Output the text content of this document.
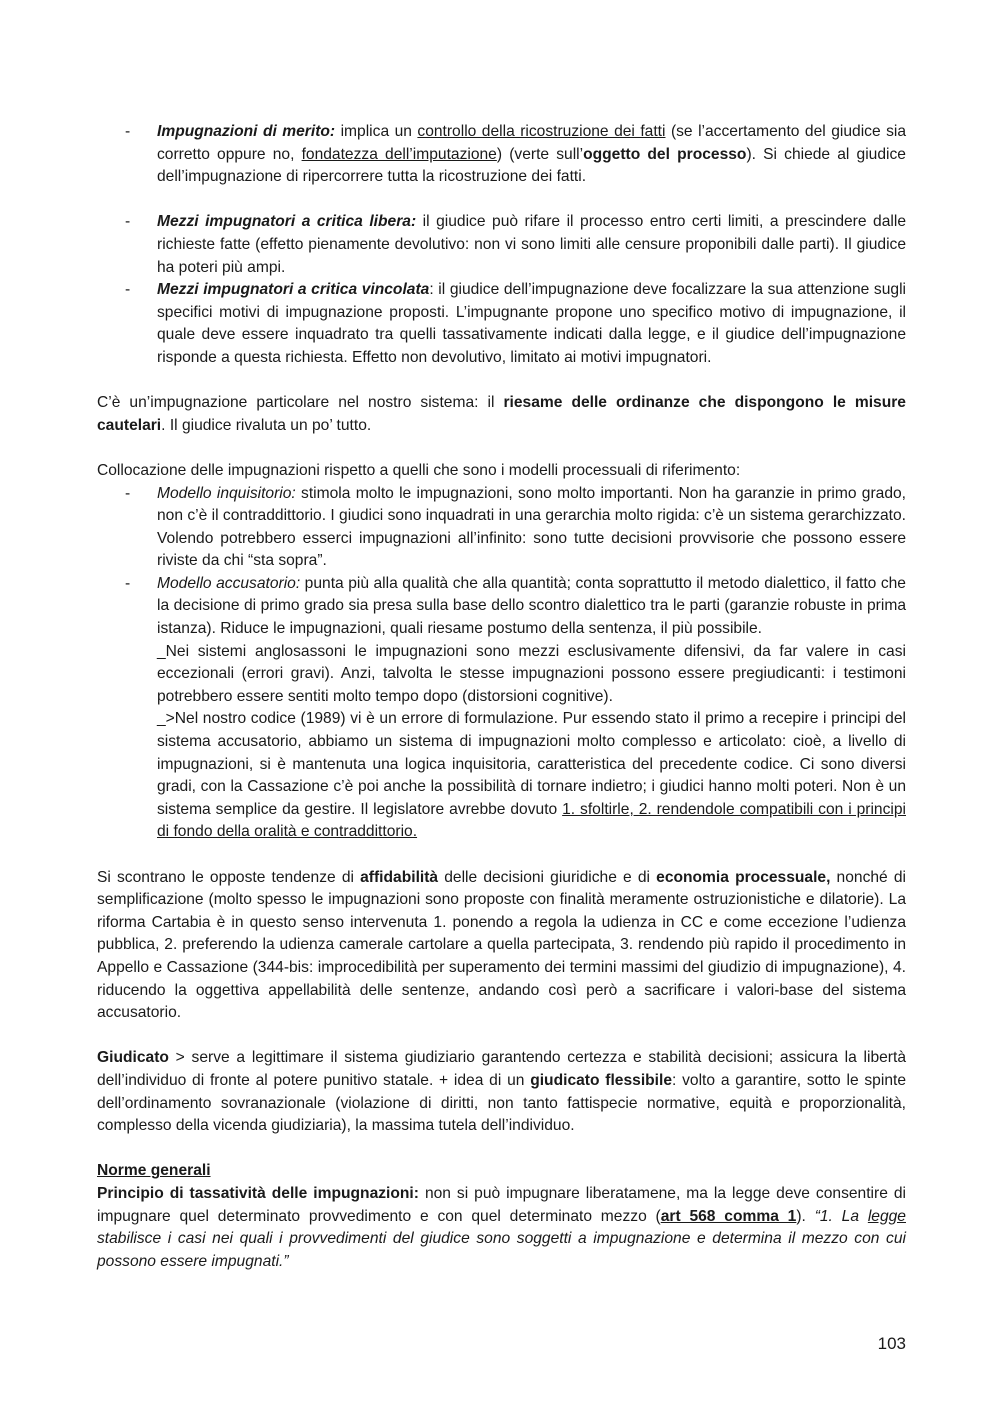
- Impugnazioni di merito: implica un controllo della ricostruzione dei fatti (se l’accertamento del giudice sia corretto oppure no, fondatezza dell’imputazione) (verte sull’oggetto del processo). Si chiede al giudice dell’impugnazione di ripercorrere tutta la ricostruzione dei fatti.
- Mezzi impugnatori a critica libera: il giudice può rifare il processo entro certi limiti, a prescindere dalle richieste fatte (effetto pienamente devolutivo: non vi sono limiti alle censure proponibili dalle parti). Il giudice ha poteri più ampi.
- Mezzi impugnatori a critica vincolata: il giudice dell’impugnazione deve focalizzare la sua attenzione sugli specifici motivi di impugnazione proposti. L’impugnante propone uno specifico motivo di impugnazione, il quale deve essere inquadrato tra quelli tassativamente indicati dalla legge, e il giudice dell’impugnazione risponde a questa richiesta. Effetto non devolutivo, limitato ai motivi impugnatori.

C’è un’impugnazione particolare nel nostro sistema: il riesame delle ordinanze che dispongono le misure cautelari. Il giudice rivaluta un po’ tutto.

Collocazione delle impugnazioni rispetto a quelli che sono i modelli processuali di riferimento:

- Modello inquisitorio: stimola molto le impugnazioni, sono molto importanti. Non ha garanzie in primo grado, non c’è il contraddittorio. I giudici sono inquadrati in una gerarchia molto rigida: c’è un sistema gerarchizzato. Volendo potrebbero esserci impugnazioni all’infinito: sono tutte decisioni provvisorie che possono essere riviste da chi “sta sopra”.
- Modello accusatorio: punta più alla qualità che alla quantità; conta soprattutto il metodo dialettico, il fatto che la decisione di primo grado sia presa sulla base dello scontro dialettico tra le parti (garanzie robuste in prima istanza). Riduce le impugnazioni, quali riesame postumo della sentenza, il più possibile.
_Nei sistemi anglosassoni le impugnazioni sono mezzi esclusivamente difensivi, da far valere in casi eccezionali (errori gravi). Anzi, talvolta le stesse impugnazioni possono essere pregiudicanti: i testimoni potrebbero essere sentiti molto tempo dopo (distorsioni cognitive).
_>Nel nostro codice (1989) vi è un errore di formulazione. Pur essendo stato il primo a recepire i principi del sistema accusatorio, abbiamo un sistema di impugnazioni molto complesso e articolato: cioè, a livello di impugnazioni, si è mantenuta una logica inquisitoria, caratteristica del precedente codice. Ci sono diversi gradi, con la Cassazione c’è poi anche la possibilità di tornare indietro; i giudici hanno molti poteri. Non è un sistema semplice da gestire. Il legislatore avrebbe dovuto 1. sfoltirle, 2. rendendole compatibili con i principi di fondo della oralità e contraddittorio.

Si scontrano le opposte tendenze di affidabilità delle decisioni giuridiche e di economia processuale, nonché di semplificazione (molto spesso le impugnazioni sono proposte con finalità meramente ostruzionistiche e dilatorie). La riforma Cartabia è in questo senso intervenuta 1. ponendo a regola la udienza in CC e come eccezione l’udienza pubblica, 2. preferendo la udienza camerale cartolare a quella partecipata, 3. rendendo più rapido il procedimento in Appello e Cassazione (344-bis: improcedibilità per superamento dei termini massimi del giudizio di impugnazione), 4. riducendo la oggettiva appellabilità delle sentenze, andando così però a sacrificare i valori-base del sistema accusatorio.

Giudicato > serve a legittimare il sistema giudiziario garantendo certezza e stabilità decisioni; assicura la libertà dell’individuo di fronte al potere punitivo statale. + idea di un giudicato flessibile: volto a garantire, sotto le spinte dell’ordinamento sovranazionale (violazione di diritti, non tanto fattispecie normative, equità e proporzionalità, complesso della vicenda giudiziaria), la massima tutela dell’individuo.

Norme generali

Principio di tassatività delle impugnazioni: non si può impugnare liberatamene, ma la legge deve consentire di impugnare quel determinato provvedimento e con quel determinato mezzo (art 568 comma 1). “1. La legge stabilisce i casi nei quali i provvedimenti del giudice sono soggetti a impugnazione e determina il mezzo con cui possono essere impugnati.”

103
